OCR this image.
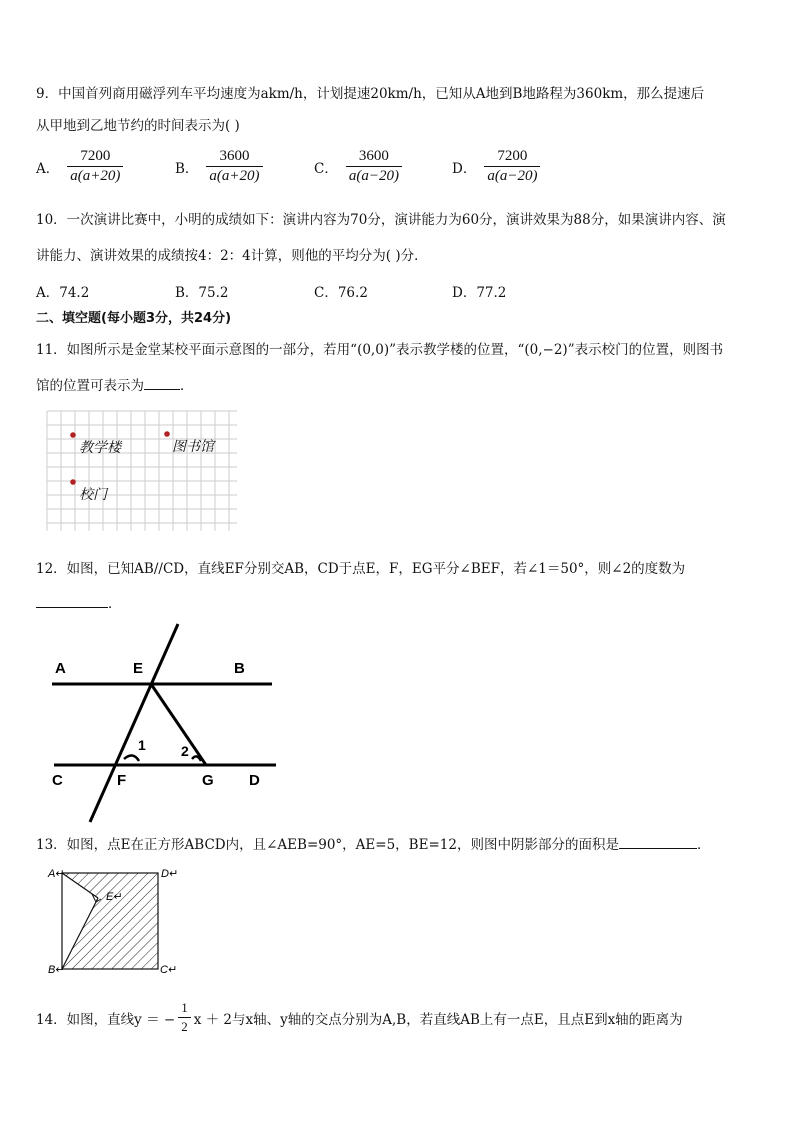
9．中国首列商用磁浮列车平均速度为akm/h，计划提速20km/h，已知从A地到B地路程为360km，那么提速后
从甲地到乙地节约的时间表示为( )
A． $\frac{7200}{a(a+20)}$	B． $\frac{3600}{a(a+20)}$	C． $\frac{3600}{a(a-20)}$	D． $\frac{7200}{a(a-20)}$
10．一次演讲比赛中，小明的成绩如下：演讲内容为70分，演讲能力为60分，演讲效果为88分，如果演讲内容、演
讲能力、演讲效果的成绩按4：2：4计算，则他的平均分为( )分．
A．74.2	B．75.2	C．76.2	D．77.2
二、填空题(每小题3分，共24分)
11．如图所示是金堂某校平面示意图的一部分，若用“(0,0)”表示教学楼的位置，“(0,−2)”表示校门的位置，则图书
馆的位置可表示为	．
教学楼	图书馆
校门
12．如图，已知AB//CD，直线EF分别交AB，CD于点E，F，EG平分∠BEF，若∠1＝50°，则∠2的度数为
．
A	E	B
C	F	G D
1	2
13．如图，点E在正方形ABCD内，且∠AEB=90°，AE=5，BE=12，则图中阴影部分的面积是	．
A↵	D↵
E↵
B↵	C↵
14．如图，直线y ＝ − $\frac{1}{2}$ x ＋ 2与x轴、y轴的交点分别为A,B，若直线AB上有一点E，且点E到x轴的距离为
